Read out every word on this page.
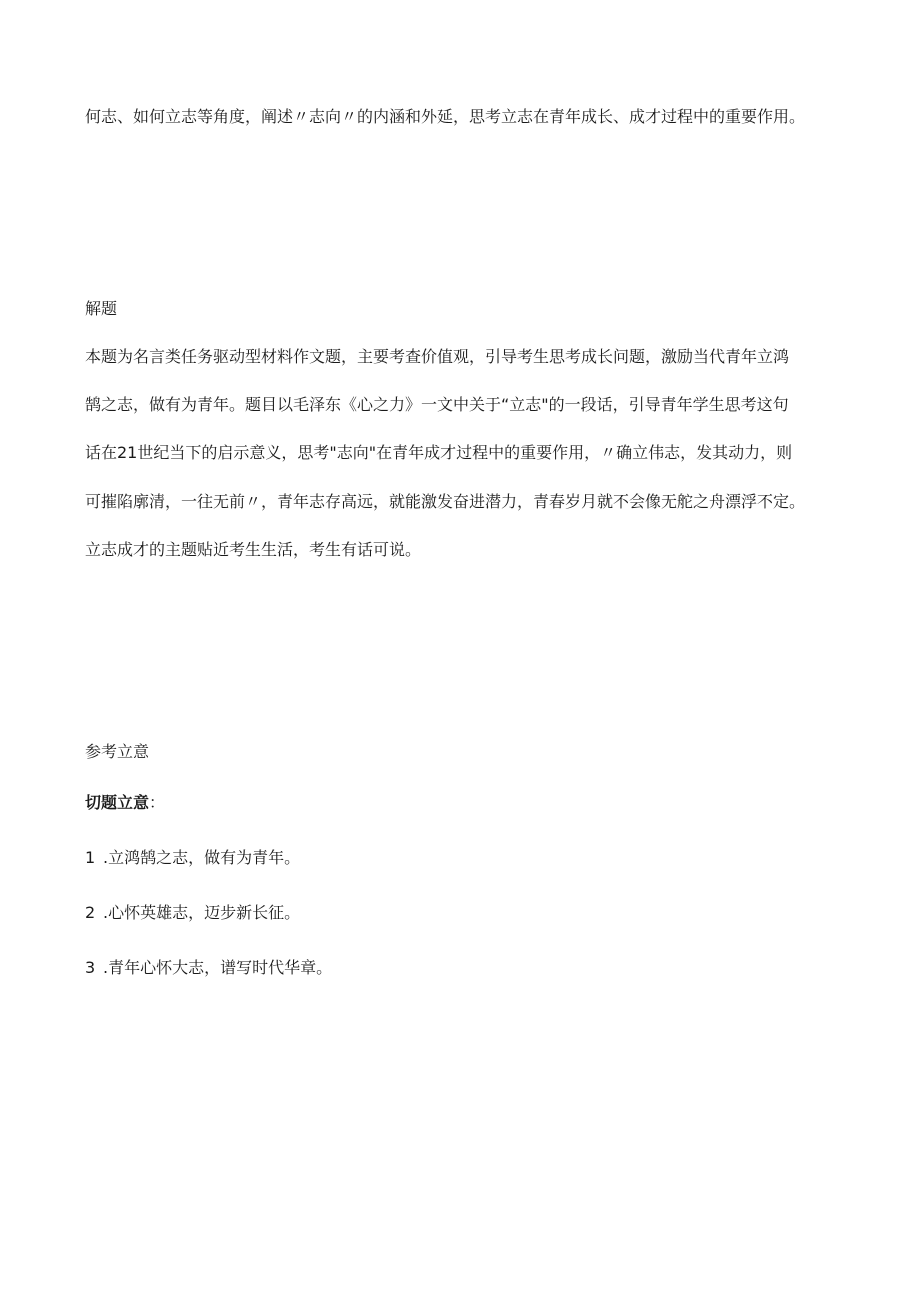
何志、如何立志等角度，阐述〃志向〃的内涵和外延，思考立志在青年成长、成才过程中的重要作用。

解题

本题为名言类任务驱动型材料作文题，主要考查价值观，引导考生思考成长问题，激励当代青年立鸿

鹄之志，做有为青年。题目以毛泽东《心之力》一文中关于“立志"的一段话，引导青年学生思考这句

话在21世纪当下的启示意义，思考"志向"在青年成才过程中的重要作用，〃确立伟志，发其动力，则

可摧陷廓清，一往无前〃，青年志存高远，就能激发奋进潜力，青春岁月就不会像无舵之舟漂浮不定。

立志成才的主题贴近考生生活，考生有话可说。

参考立意

切题立意：

1 .立鸿鹄之志，做有为青年。

2 .心怀英雄志，迈步新长征。

3 .青年心怀大志，谱写时代华章。
